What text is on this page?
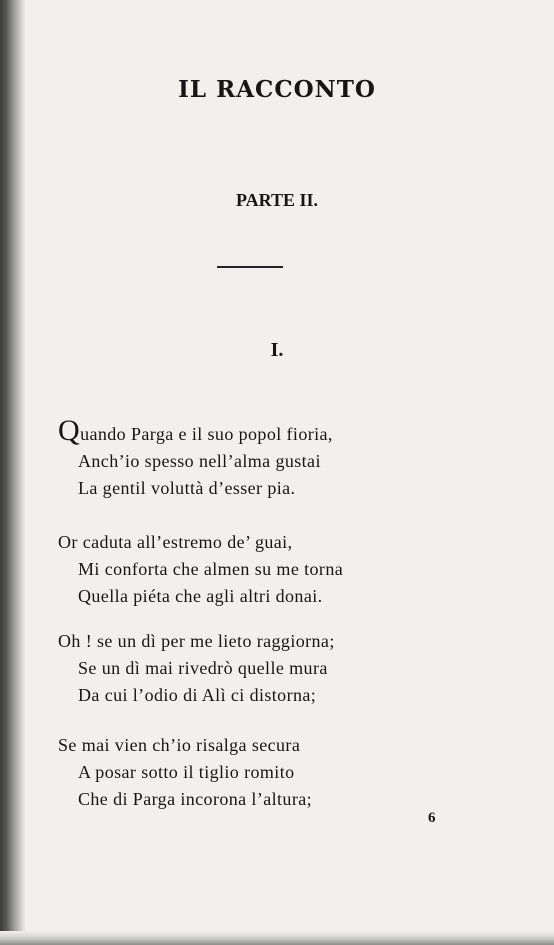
IL RACCONTO
PARTE II.
I.
Quando Parga e il suo popol fioria,
Anch’io spesso nell’alma gustai
La gentil voluttà d’esser pia.
Or caduta all’estremo de’ guai,
Mi conforta che almen su me torna
Quella piéta che agli altri donai.
Oh ! se un dì per me lieto raggiorna;
Se un dì mai rivedrò quelle mura
Da cui l’odio di Alì ci distorna;
Se mai vien ch’io risalga secura
A posar sotto il tiglio romito
Che di Parga incorona l’altura;
6
